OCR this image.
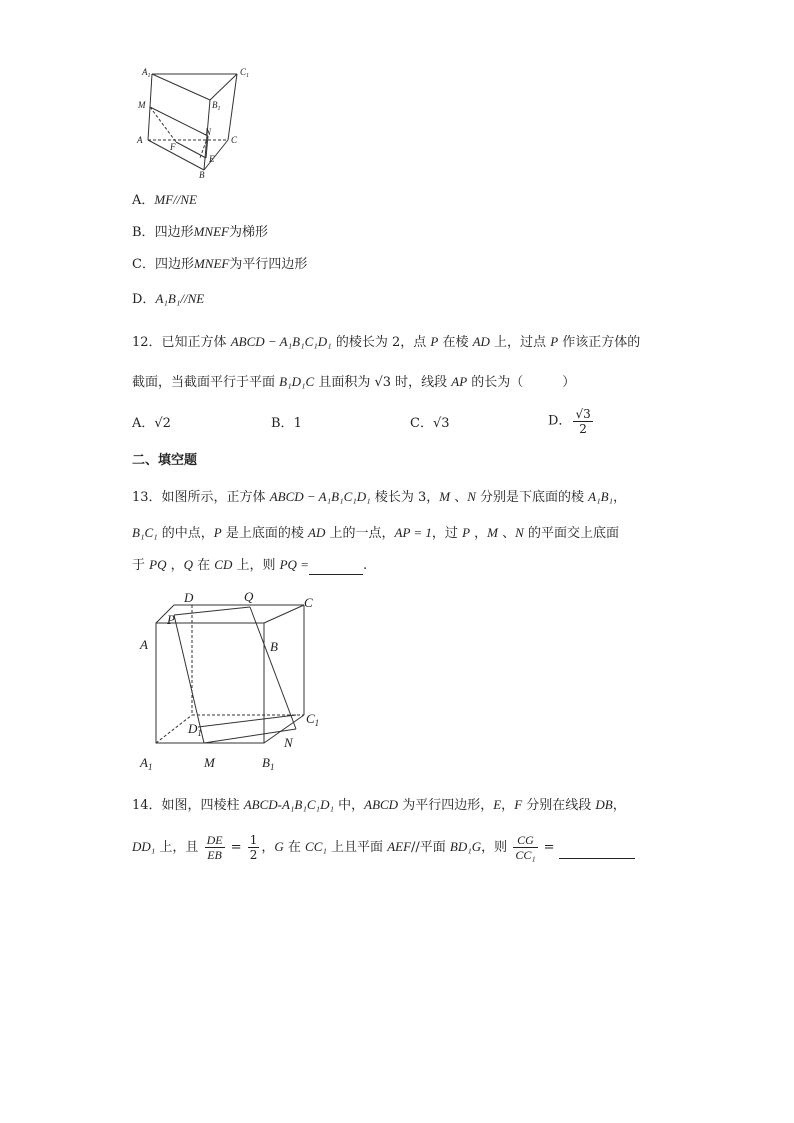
$A_1$	$C_1$
$B_1$
M
N
A
F
C
E
B
A．MF//NE
B．四边形MNEF为梯形
C．四边形MNEF为平行四边形
D．A₁B₁//NE
12．已知正方体 ABCD − A₁B₁C₁D₁ 的棱长为 2，点 P 在棱 AD 上，过点 P 作该正方体的
截面，当截面平行于平面 B₁D₁C 且面积为 √3 时，线段 AP 的长为（　　　）
A．√2	B．1	C．√3	D． $\frac{√3}{2}$
二、填空题
13．如图所示，正方体 ABCD − A₁B₁C₁D₁ 棱长为 3，M 、N 分别是下底面的棱 A₁B₁，
B₁C₁ 的中点，P 是上底面的棱 AD 上的一点，AP = 1，过 P ，M 、N 的平面交上底面
于 PQ ，Q 在 CD 上，则 PQ =	.
D	Q	C
P
A	B
$D_1$
$C_1$
N
$A_1$	M	$B_1$
14．如图，四棱柱 ABCD-A₁B₁C₁D₁ 中，ABCD 为平行四边形，E，F 分别在线段 DB，
DD₁ 上，且 $\frac{DE}{EB} = \frac{1}{2}$ ，G 在 CC₁ 上且平面 AEF//平面 BD₁G，则 $\frac{CG}{\text{CC₁}}$ =
